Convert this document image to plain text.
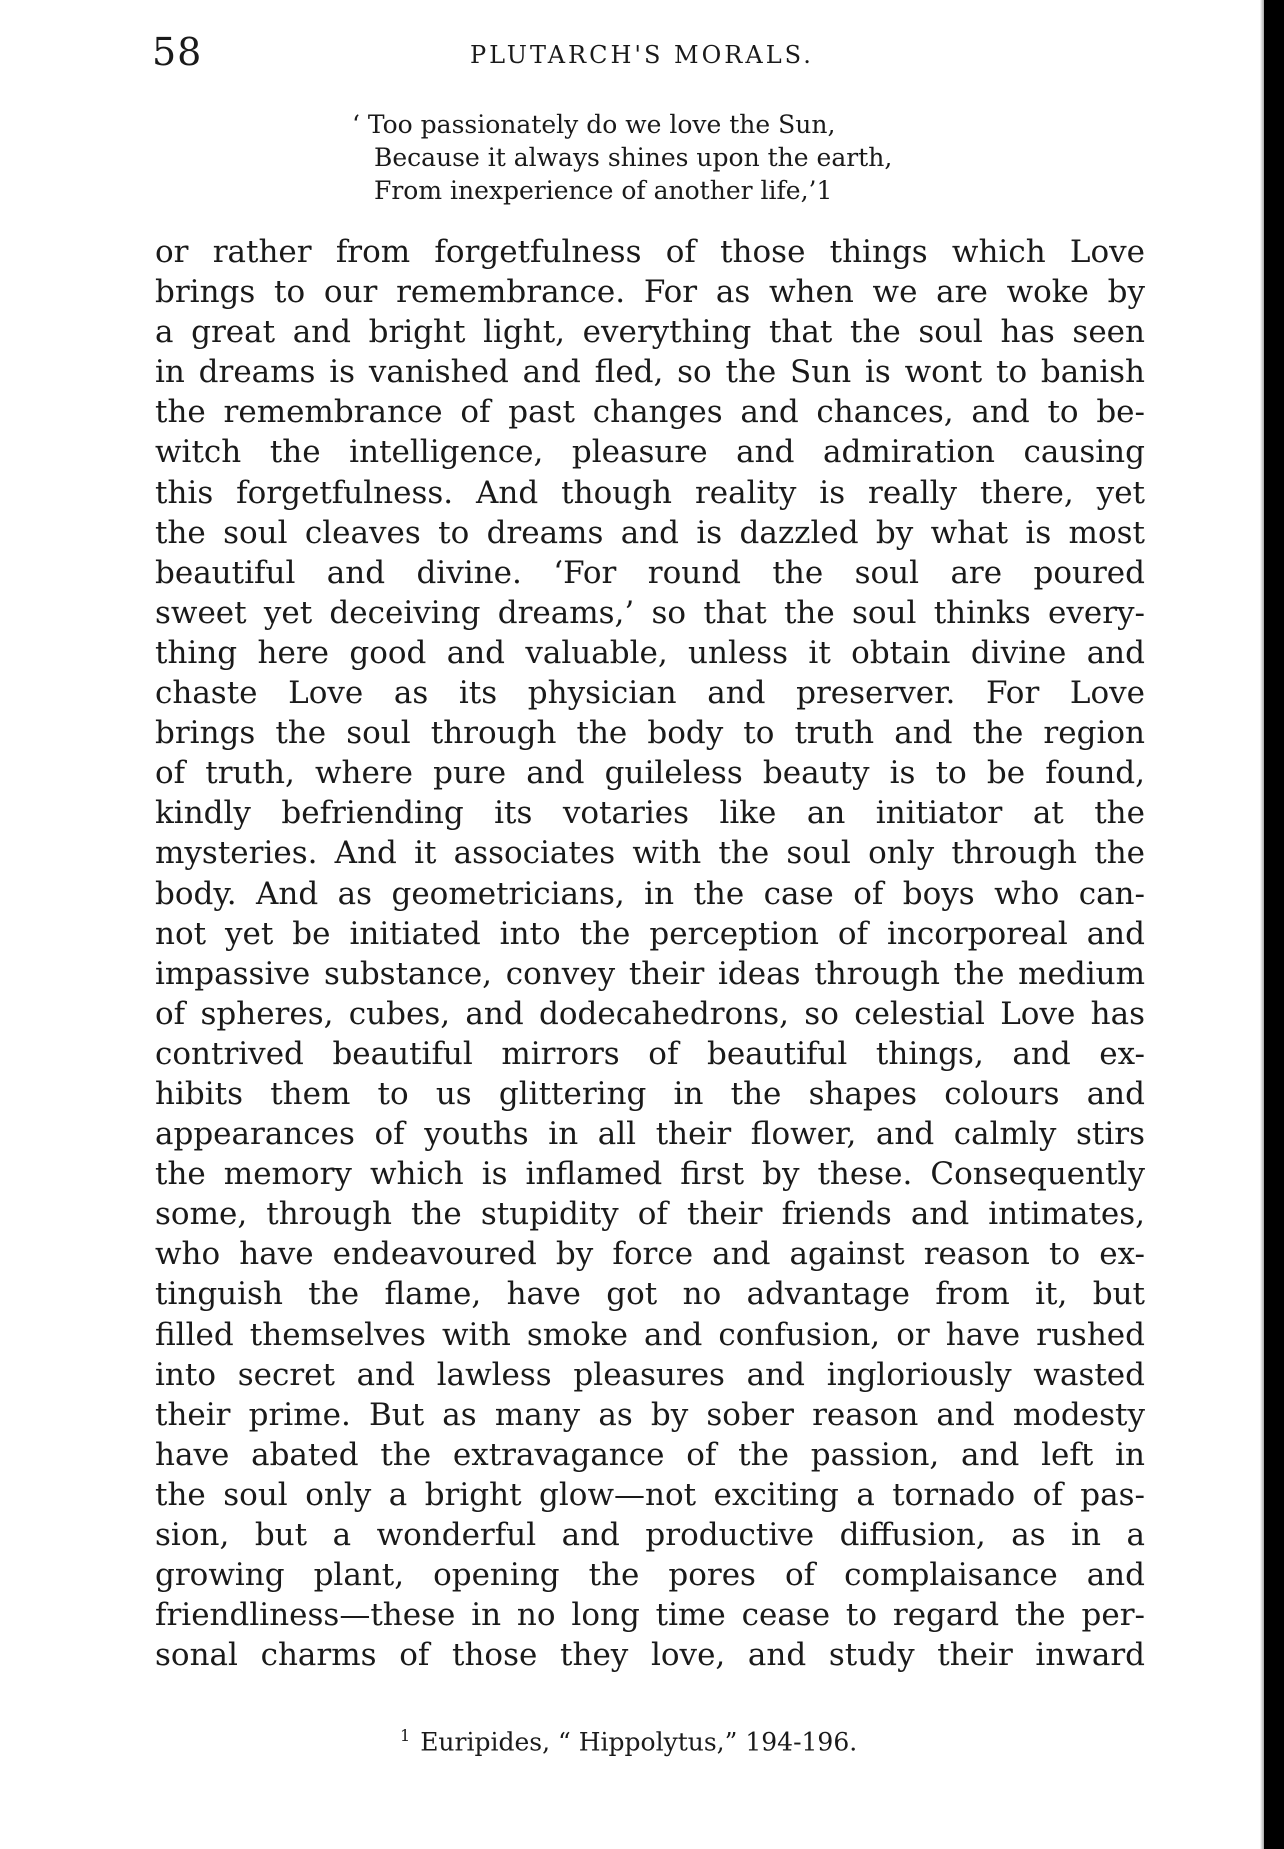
58	PLUTARCH'S MORALS.
‘ Too passionately do we love the Sun,
Because it always shines upon the earth,
From inexperience of another life,’1
or rather from forgetfulness of those things which Love
brings to our remembrance. For as when we are woke by
a great and bright light, everything that the soul has seen
in dreams is vanished and fled, so the Sun is wont to banish
the remembrance of past changes and chances, and to be-
witch the intelligence, pleasure and admiration causing
this forgetfulness. And though reality is really there, yet
the soul cleaves to dreams and is dazzled by what is most
beautiful and divine. ‘For round the soul are poured
sweet yet deceiving dreams,’ so that the soul thinks every-
thing here good and valuable, unless it obtain divine and
chaste Love as its physician and preserver. For Love
brings the soul through the body to truth and the region
of truth, where pure and guileless beauty is to be found,
kindly befriending its votaries like an initiator at the
mysteries. And it associates with the soul only through the
body. And as geometricians, in the case of boys who can-
not yet be initiated into the perception of incorporeal and
impassive substance, convey their ideas through the medium
of spheres, cubes, and dodecahedrons, so celestial Love has
contrived beautiful mirrors of beautiful things, and ex-
hibits them to us glittering in the shapes colours and
appearances of youths in all their flower, and calmly stirs
the memory which is inflamed first by these. Consequently
some, through the stupidity of their friends and intimates,
who have endeavoured by force and against reason to ex-
tinguish the flame, have got no advantage from it, but
filled themselves with smoke and confusion, or have rushed
into secret and lawless pleasures and ingloriously wasted
their prime. But as many as by sober reason and modesty
have abated the extravagance of the passion, and left in
the soul only a bright glow—not exciting a tornado of pas-
sion, but a wonderful and productive diffusion, as in a
growing plant, opening the pores of complaisance and
friendliness—these in no long time cease to regard the per-
sonal charms of those they love, and study their inward
$^1$ Euripides, “ Hippolytus,” 194-196.
